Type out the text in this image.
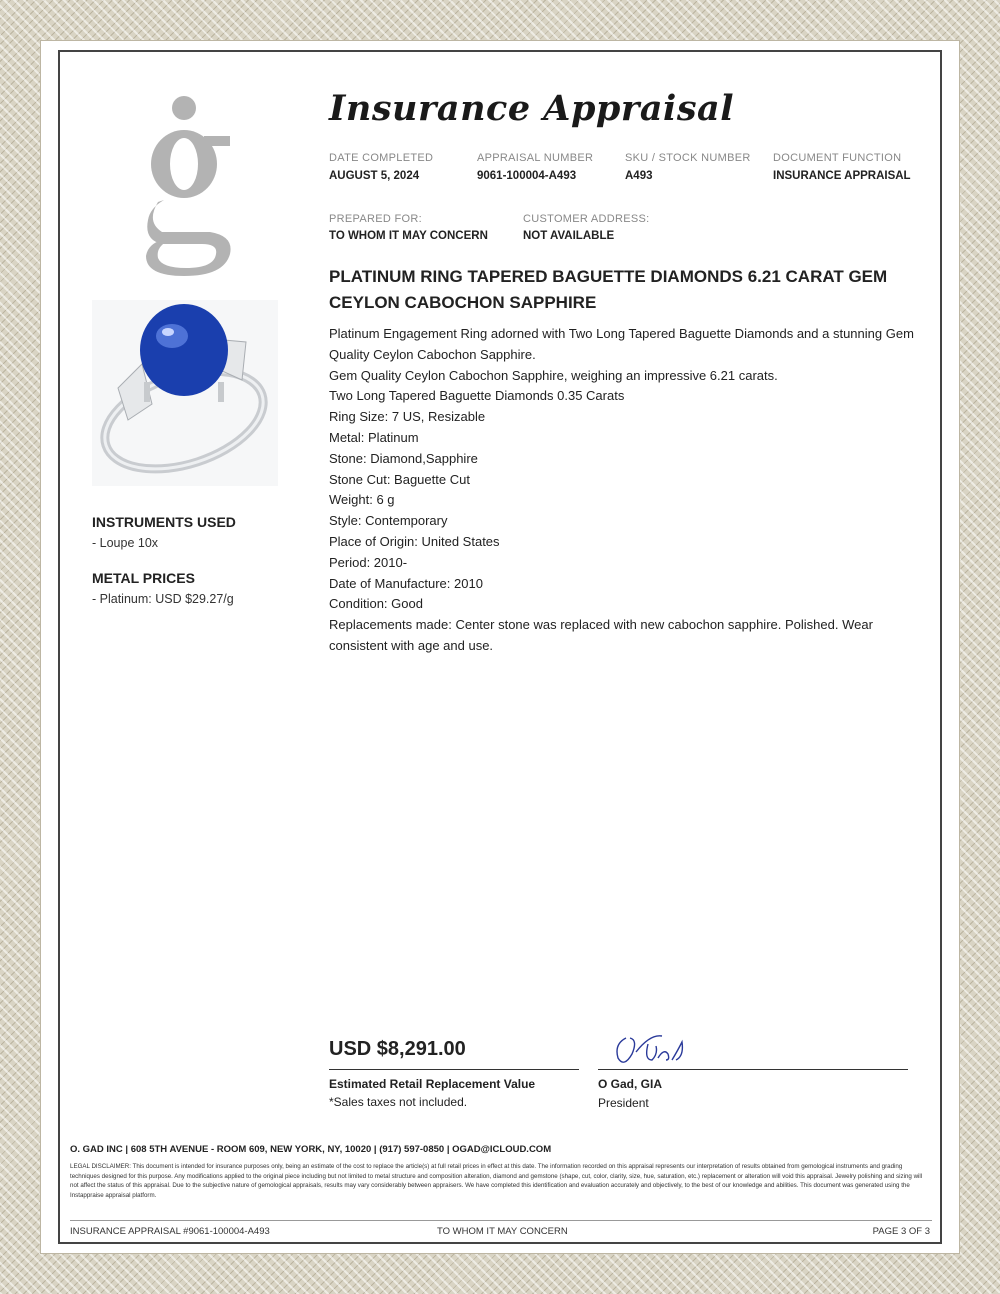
INSTRUMENTS USED
- Loupe 10x
METAL PRICES
- Platinum: USD $29.27/g
Insurance Appraisal
DATE COMPLETED
AUGUST 5, 2024
APPRAISAL NUMBER
9061-100004-A493
SKU / STOCK NUMBER
A493
DOCUMENT FUNCTION
INSURANCE APPRAISAL
PREPARED FOR:
TO WHOM IT MAY CONCERN
CUSTOMER ADDRESS:
NOT AVAILABLE
PLATINUM RING TAPERED BAGUETTE DIAMONDS 6.21 CARAT GEM CEYLON CABOCHON SAPPHIRE
Platinum Engagement Ring adorned with Two Long Tapered Baguette Diamonds and a stunning Gem Quality Ceylon Cabochon Sapphire.
Gem Quality Ceylon Cabochon Sapphire, weighing an impressive 6.21 carats.
Two Long Tapered Baguette Diamonds 0.35 Carats
Ring Size: 7 US, Resizable
Metal: Platinum
Stone: Diamond,Sapphire
Stone Cut: Baguette Cut
Weight: 6 g
Style: Contemporary
Place of Origin: United States
Period: 2010-
Date of Manufacture: 2010
Condition: Good
Replacements made: Center stone was replaced with new cabochon sapphire. Polished. Wear consistent with age and use.
USD $8,291.00
Estimated Retail Replacement Value
*Sales taxes not included.
O Gad, GIA
President
O. GAD INC | 608 5TH AVENUE - ROOM 609, NEW YORK, NY, 10020 | (917) 597-0850 | OGAD@ICLOUD.COM
LEGAL DISCLAIMER: This document is intended for insurance purposes only, being an estimate of the cost to replace the article(s) at full retail prices in effect at this date. The information recorded on this appraisal represents our interpretation of results obtained from gemological instruments and grading techniques designed for this purpose. Any modifications applied to the original piece including but not limited to metal structure and composition alteration, diamond and gemstone (shape, cut, color, clarity, size, hue, saturation, etc.) replacement or alteration will void this appraisal. Jewelry polishing and sizing will not affect the status of this appraisal. Due to the subjective nature of gemological appraisals, results may vary considerably between appraisers. We have completed this identification and evaluation accurately and objectively, to the best of our knowledge and abilities. This document was generated using the Instappraise appraisal platform.
INSURANCE APPRAISAL #9061-100004-A493	TO WHOM IT MAY CONCERN	PAGE 3 OF 3
